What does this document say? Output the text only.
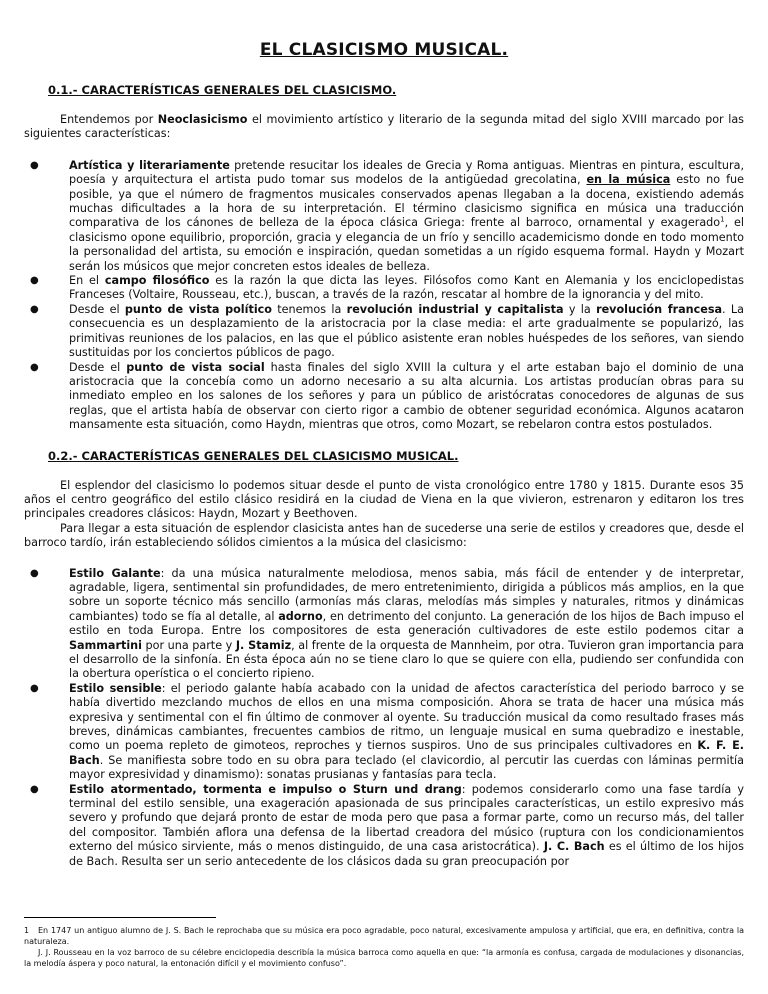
EL CLASICISMO MUSICAL.
0.1.- CARACTERÍSTICAS GENERALES DEL CLASICISMO.

Entendemos por Neoclasicismo el movimiento artístico y literario de la segunda mitad del siglo XVIII marcado por las siguientes características:

●	Artística y literariamente pretende resucitar los ideales de Grecia y Roma antiguas. Mientras en pintura, escultura, poesía y arquitectura el artista pudo tomar sus modelos de la antigüedad grecolatina, en la música esto no fue posible, ya que el número de fragmentos musicales conservados apenas llegaban a la docena, existiendo además muchas dificultades a la hora de su interpretación. El término clasicismo significa en música una traducción comparativa de los cánones de belleza de la época clásica Griega: frente al barroco, ornamental y exagerado$^1$, el clasicismo opone equilibrio, proporción, gracia y elegancia de un frío y sencillo academicismo donde en todo momento la personalidad del artista, su emoción e inspiración, quedan sometidas a un rígido esquema formal. Haydn y Mozart serán los músicos que mejor concreten estos ideales de belleza.
●	En el campo filosófico es la razón la que dicta las leyes. Filósofos como Kant en Alemania y los enciclopedistas Franceses (Voltaire, Rousseau, etc.), buscan, a través de la razón, rescatar al hombre de la ignorancia y del mito.
●	Desde el punto de vista político tenemos la revolución industrial y capitalista y la revolución francesa. La consecuencia es un desplazamiento de la aristocracia por la clase media: el arte gradualmente se popularizó, las primitivas reuniones de los palacios, en las que el público asistente eran nobles huéspedes de los señores, van siendo sustituidas por los conciertos públicos de pago.
●	Desde el punto de vista social hasta finales del siglo XVIII la cultura y el arte estaban bajo el dominio de una aristocracia que la concebía como un adorno necesario a su alta alcurnia. Los artistas producían obras para su inmediato empleo en los salones de los señores y para un público de aristócratas conocedores de algunas de sus reglas, que el artista había de observar con cierto rigor a cambio de obtener seguridad económica. Algunos acataron mansamente esta situación, como Haydn, mientras que otros, como Mozart, se rebelaron contra estos postulados.
0.2.- CARACTERÍSTICAS GENERALES DEL CLASICISMO MUSICAL.

El esplendor del clasicismo lo podemos situar desde el punto de vista cronológico entre 1780 y 1815. Durante esos 35 años el centro geográfico del estilo clásico residirá en la ciudad de Viena en la que vivieron, estrenaron y editaron los tres principales creadores clásicos: Haydn, Mozart y Beethoven.

Para llegar a esta situación de esplendor clasicista antes han de sucederse una serie de estilos y creadores que, desde el barroco tardío, irán estableciendo sólidos cimientos a la música del clasicismo:

●	Estilo Galante: da una música naturalmente melodiosa, menos sabia, más fácil de entender y de interpretar, agradable, ligera, sentimental sin profundidades, de mero entretenimiento, dirigida a públicos más amplios, en la que sobre un soporte técnico más sencillo (armonías más claras, melodías más simples y naturales, ritmos y dinámicas cambiantes) todo se fía al detalle, al adorno, en detrimento del conjunto. La generación de los hijos de Bach impuso el estilo en toda Europa. Entre los compositores de esta generación cultivadores de este estilo podemos citar a Sammartini por una parte y J. Stamiz, al frente de la orquesta de Mannheim, por otra. Tuvieron gran importancia para el desarrollo de la sinfonía. En ésta época aún no se tiene claro lo que se quiere con ella, pudiendo ser confundida con la obertura operística o el concierto ripieno.
●	Estilo sensible: el periodo galante había acabado con la unidad de afectos característica del periodo barroco y se había divertido mezclando muchos de ellos en una misma composición. Ahora se trata de hacer una música más expresiva y sentimental con el fin último de conmover al oyente. Su traducción musical da como resultado frases más breves, dinámicas cambiantes, frecuentes cambios de ritmo, un lenguaje musical en suma quebradizo e inestable, como un poema repleto de gimoteos, reproches y tiernos suspiros. Uno de sus principales cultivadores en K. F. E. Bach. Se manifiesta sobre todo en su obra para teclado (el clavicordio, al percutir las cuerdas con láminas permitía mayor expresividad y dinamismo): sonatas prusianas y fantasías para tecla.
●	Estilo atormentado, tormenta e impulso o Sturn und drang: podemos considerarlo como una fase tardía y terminal del estilo sensible, una exageración apasionada de sus principales características, un estilo expresivo más severo y profundo que dejará pronto de estar de moda pero que pasa a formar parte, como un recurso más, del taller del compositor. También aflora una defensa de la libertad creadora del músico (ruptura con los condicionamientos externo del músico sirviente, más o menos distinguido, de una casa aristocrática). J. C. Bach es el último de los hijos de Bach. Resulta ser un serio antecedente de los clásicos dada su gran preocupación por
1	En 1747 un antiguo alumno de J. S. Bach le reprochaba que su música era poco agradable, poco natural, excesivamente ampulosa y artificial, que era, en definitiva, contra la naturaleza.

J. J. Rousseau en la voz barroco de su célebre enciclopedia describía la música barroca como aquella en que: “la armonía es confusa, cargada de modulaciones y disonancias, la melodía áspera y poco natural, la entonación difícil y el movimiento confuso”.
